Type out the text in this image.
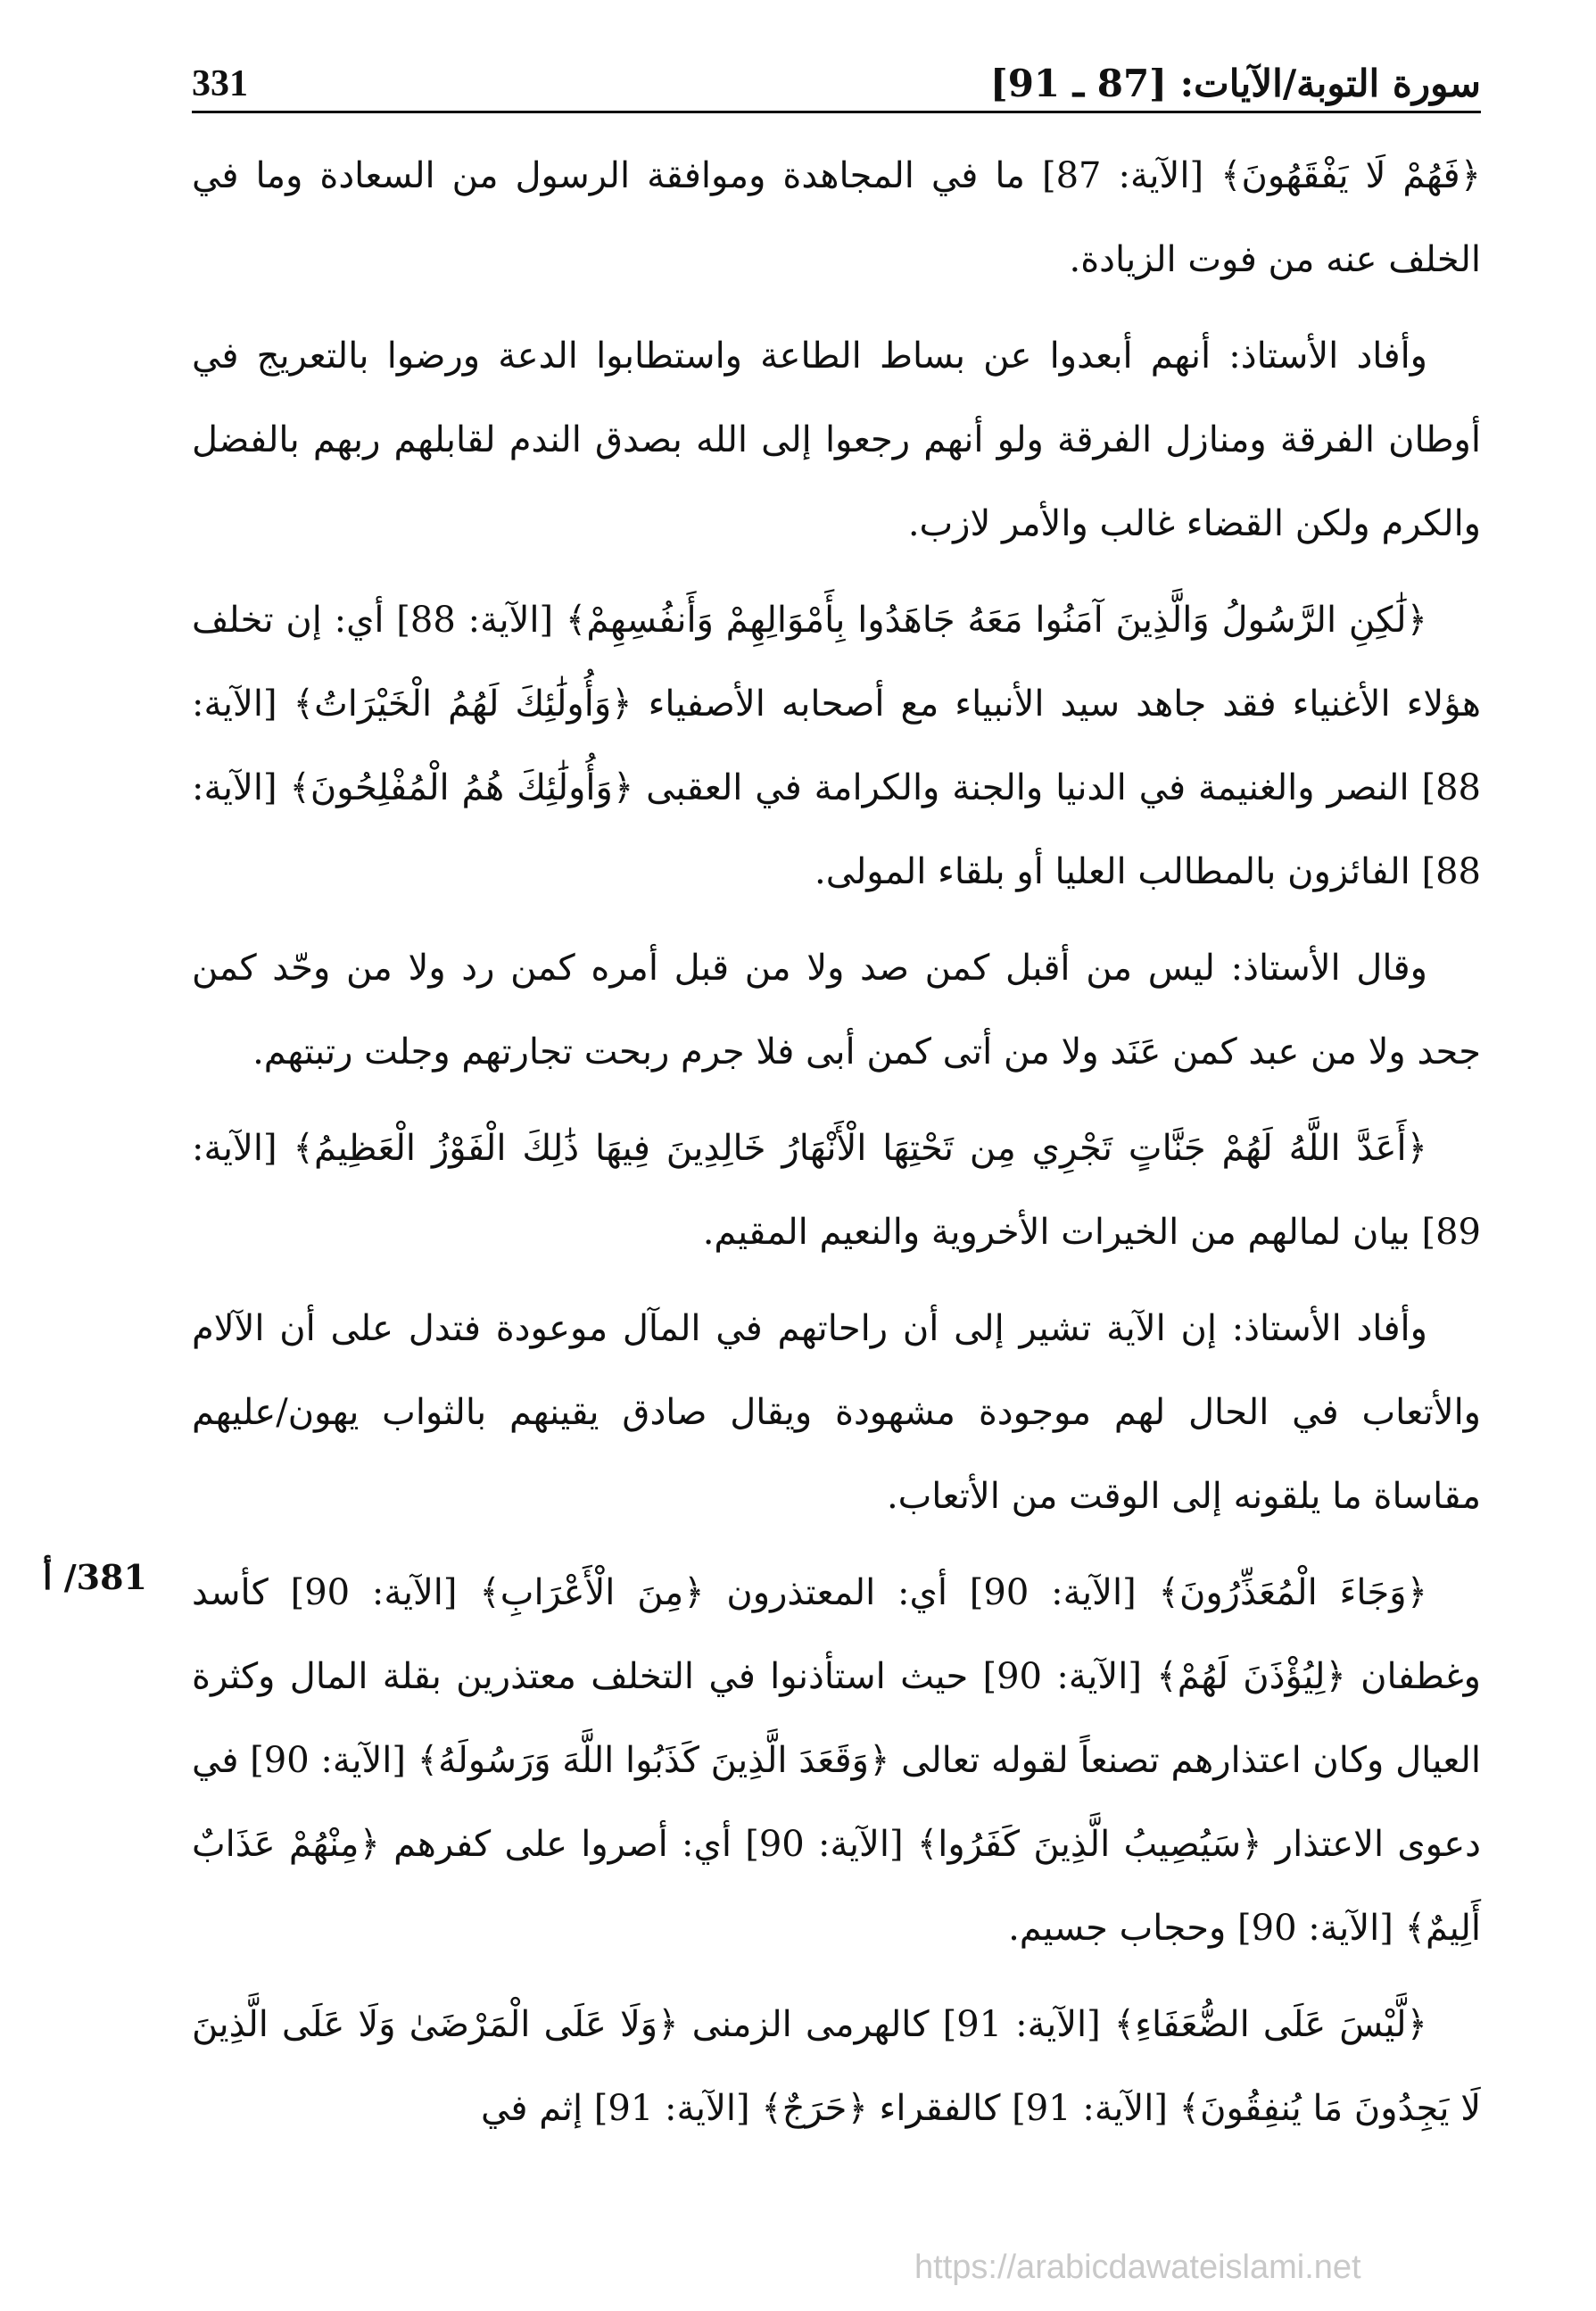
سورة التوبة/الآيات: [87 ـ 91]
331

﴿فَهُمْ لَا يَفْقَهُونَ﴾ [الآية: 87] ما في المجاهدة وموافقة الرسول من السعادة وما في الخلف عنه من فوت الزيادة.

وأفاد الأستاذ: أنهم أبعدوا عن بساط الطاعة واستطابوا الدعة ورضوا بالتعريج في أوطان الفرقة ومنازل الفرقة ولو أنهم رجعوا إلى الله بصدق الندم لقابلهم ربهم بالفضل والكرم ولكن القضاء غالب والأمر لازب.

﴿لَٰكِنِ الرَّسُولُ وَالَّذِينَ آمَنُوا مَعَهُ جَاهَدُوا بِأَمْوَالِهِمْ وَأَنفُسِهِمْ﴾ [الآية: 88] أي: إن تخلف هؤلاء الأغنياء فقد جاهد سيد الأنبياء مع أصحابه الأصفياء ﴿وَأُولَٰئِكَ لَهُمُ الْخَيْرَاتُ﴾ [الآية: 88] النصر والغنيمة في الدنيا والجنة والكرامة في العقبى ﴿وَأُولَٰئِكَ هُمُ الْمُفْلِحُونَ﴾ [الآية: 88] الفائزون بالمطالب العليا أو بلقاء المولى.

وقال الأستاذ: ليس من أقبل كمن صد ولا من قبل أمره كمن رد ولا من وحّد كمن جحد ولا من عبد كمن عَنَد ولا من أتى كمن أبى فلا جرم ربحت تجارتهم وجلت رتبتهم.

﴿أَعَدَّ اللَّهُ لَهُمْ جَنَّاتٍ تَجْرِي مِن تَحْتِهَا الْأَنْهَارُ خَالِدِينَ فِيهَا ذَٰلِكَ الْفَوْزُ الْعَظِيمُ﴾ [الآية: 89] بيان لمالهم من الخيرات الأخروية والنعيم المقيم.

وأفاد الأستاذ: إن الآية تشير إلى أن راحاتهم في المآل موعودة فتدل على أن الآلام والأتعاب في الحال لهم موجودة مشهودة ويقال صادق يقينهم بالثواب يهون/عليهم مقاساة ما يلقونه إلى الوقت من الأتعاب.

﴿وَجَاءَ الْمُعَذِّرُونَ﴾ [الآية: 90] أي: المعتذرون ﴿مِنَ الْأَعْرَابِ﴾ [الآية: 90] كأسد وغطفان ﴿لِيُؤْذَنَ لَهُمْ﴾ [الآية: 90] حيث استأذنوا في التخلف معتذرين بقلة المال وكثرة العيال وكان اعتذارهم تصنعاً لقوله تعالى ﴿وَقَعَدَ الَّذِينَ كَذَبُوا اللَّهَ وَرَسُولَهُ﴾ [الآية: 90] في دعوى الاعتذار ﴿سَيُصِيبُ الَّذِينَ كَفَرُوا﴾ [الآية: 90] أي: أصروا على كفرهم ﴿مِنْهُمْ عَذَابٌ أَلِيمٌ﴾ [الآية: 90] وحجاب جسيم.

﴿لَّيْسَ عَلَى الضُّعَفَاءِ﴾ [الآية: 91] كالهرمى الزمنى ﴿وَلَا عَلَى الْمَرْضَىٰ وَلَا عَلَى الَّذِينَ لَا يَجِدُونَ مَا يُنفِقُونَ﴾ [الآية: 91] كالفقراء ﴿حَرَجٌ﴾ [الآية: 91] إثم في

381/ أ
https://arabicdawateislami.net
